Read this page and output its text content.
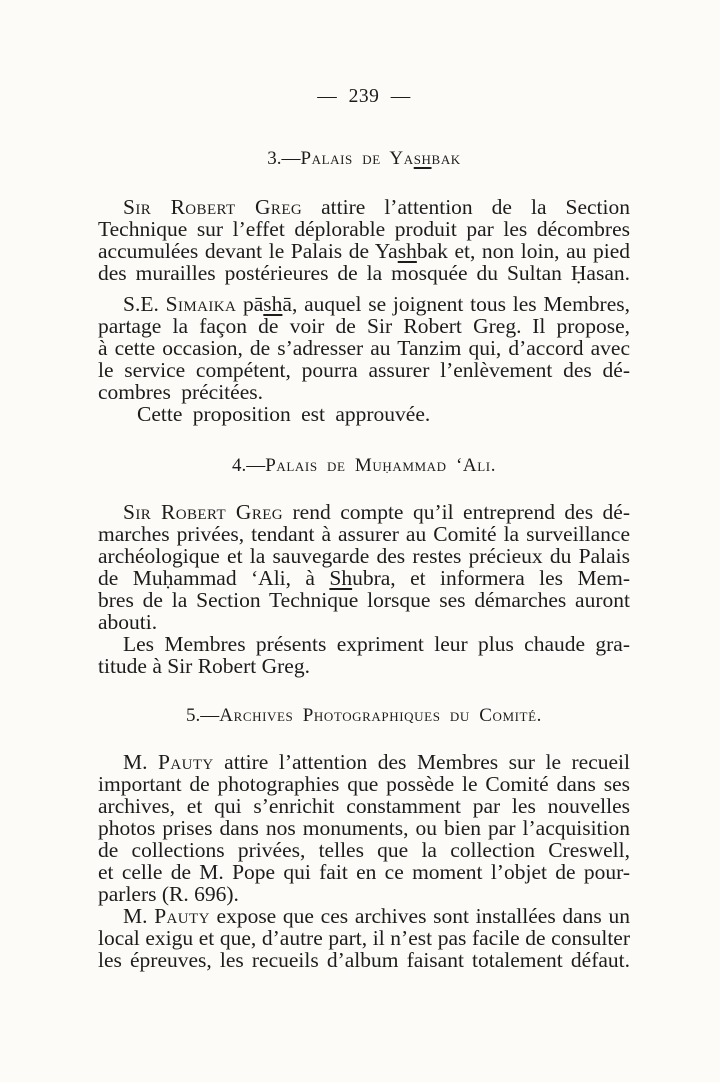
— 239 —
3.—Palais de Yashbak
Sir Robert Greg attire l’attention de la Section
Technique sur l’effet déplorable produit par les décombres
accumulées devant le Palais de Yashbak et, non loin, au pied
des murailles postérieures de la mosquée du Sultan Ḥasan.
S.E. Simaika pāshā, auquel se joignent tous les Membres,
partage la façon de voir de Sir Robert Greg. Il propose,
à cette occasion, de s’adresser au Tanzim qui, d’accord avec
le service compétent, pourra assurer l’enlèvement des dé-
combres précitées.
Cette proposition est approuvée.
4.—Palais de Muḥammad ‘Ali.
Sir Robert Greg rend compte qu’il entreprend des dé-
marches privées, tendant à assurer au Comité la surveillance
archéologique et la sauvegarde des restes précieux du Palais
de Muḥammad ‘Ali, à Shubra, et informera les Mem-
bres de la Section Technique lorsque ses démarches auront
abouti.
Les Membres présents expriment leur plus chaude gra-
titude à Sir Robert Greg.
5.—Archives Photographiques du Comité.
M. Pauty attire l’attention des Membres sur le recueil
important de photographies que possède le Comité dans ses
archives, et qui s’enrichit constamment par les nouvelles
photos prises dans nos monuments, ou bien par l’acquisition
de collections privées, telles que la collection Creswell,
et celle de M. Pope qui fait en ce moment l’objet de pour-
parlers (R. 696).
M. Pauty expose que ces archives sont installées dans un
local exigu et que, d’autre part, il n’est pas facile de consulter
les épreuves, les recueils d’album faisant totalement défaut.
